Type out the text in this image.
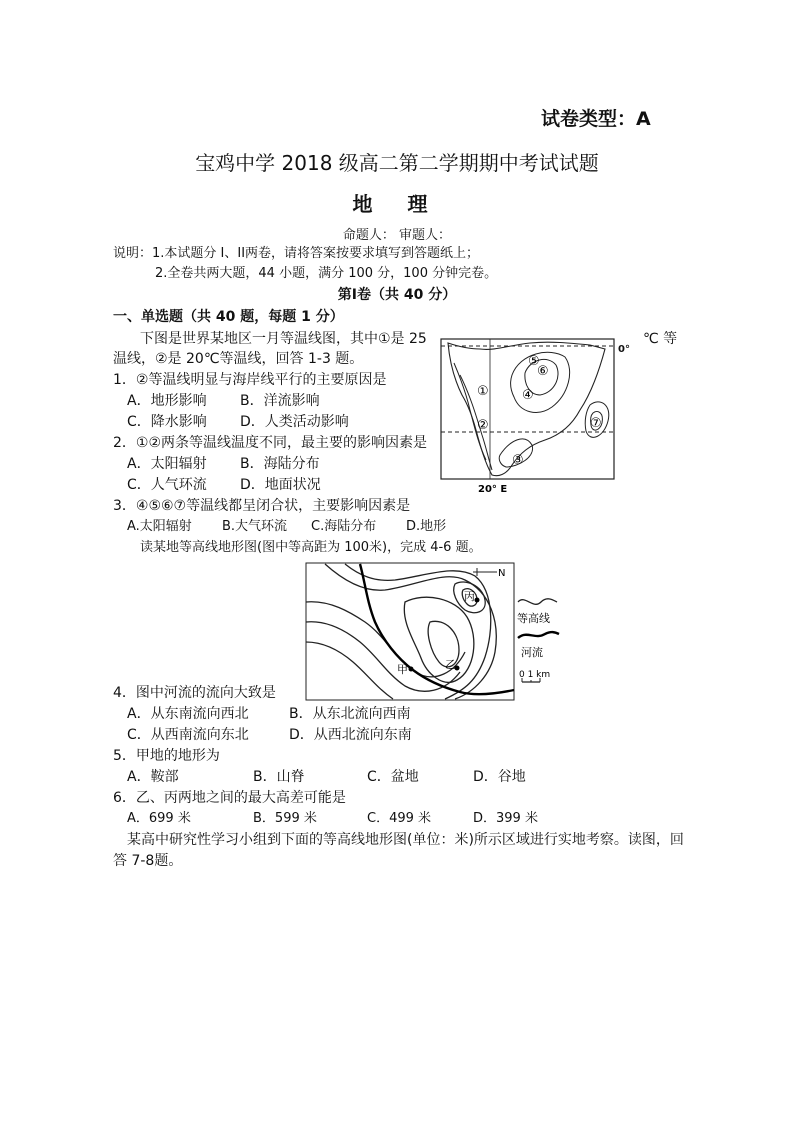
试卷类型：A
宝鸡中学 2018 级高二第二学期期中考试试题
地 理
命题人： 审题人：
说明：1.本试题分 I、II两卷，请将答案按要求填写到答题纸上；
2.全卷共两大题，44 小题，满分 100 分，100 分钟完卷。
第Ⅰ卷（共 40 分）
一、单选题（共 40 题，每题 1 分）
下图是世界某地区一月等温线图，其中①是 25	℃ 等
温线，②是 20℃等温线，回答 1-3 题。
1．②等温线明显与海岸线平行的主要原因是
A．地形影响 B．洋流影响
C．降水影响 D．人类活动影响
2．①②两条等温线温度不同，最主要的影响因素是
A．太阳辐射 B．海陆分布
C．人气环流 D．地面状况
3．④⑤⑥⑦等温线都呈闭合状，主要影响因素是
A.太阳辐射 B.大气环流 C.海陆分布 D.地形
读某地等高线地形图(图中等高距为 100米)，完成 4-6 题。
①
②
③
④
⑤
⑥
⑦
20° E
0°
N
丙
甲	乙
等高线
河流
0 1 km
4．图中河流的流向大致是
A．从东南流向西北	B．从东北流向西南
C．从西南流向东北	D．从西北流向东南
5．甲地的地形为
A．鞍部	B．山脊	C．盆地	D．谷地
6．乙、丙两地之间的最大高差可能是
A．699 米	B．599 米	C．499 米	D．399 米
某高中研究性学习小组到下面的等高线地形图(单位：米)所示区域进行实地考察。读图，回
答 7-8题。
